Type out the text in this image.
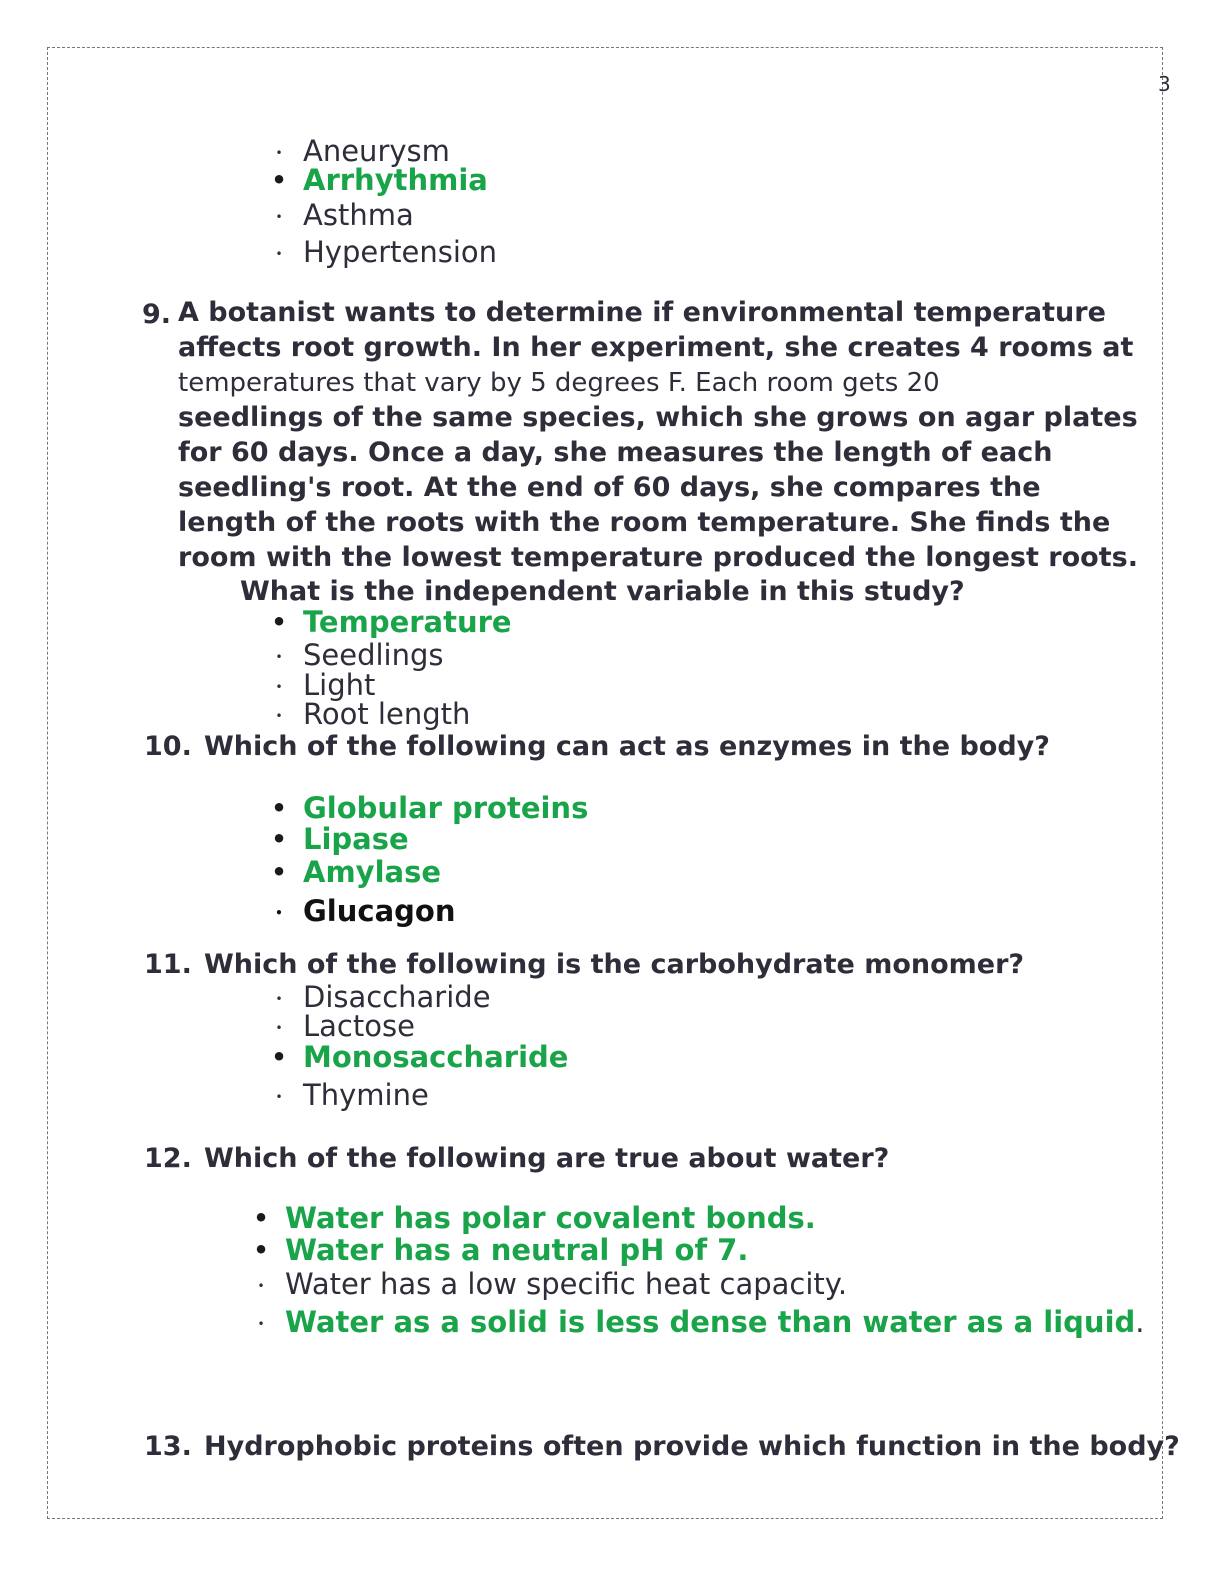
3
• Aneurysm
• Arrhythmia
• Asthma
• Hypertension
9. A botanist wants to determine if environmental temperature
affects root growth. In her experiment, she creates 4 rooms at
temperatures that vary by 5 degrees F. Each room gets 20
seedlings of the same species, which she grows on agar plates
for 60 days. Once a day, she measures the length of each
seedling's root. At the end of 60 days, she compares the
length of the roots with the room temperature. She finds the
room with the lowest temperature produced the longest roots.
What is the independent variable in this study?
• Temperature
• Seedlings
• Light
• Root length
10. Which of the following can act as enzymes in the body?
• Globular proteins
• Lipase
• Amylase
• Glucagon
11. Which of the following is the carbohydrate monomer?
• Disaccharide
• Lactose
• Monosaccharide
• Thymine
12. Which of the following are true about water?
• Water has polar covalent bonds.
• Water has a neutral pH of 7.
• Water has a low specific heat capacity.
• Water as a solid is less dense than water as a liquid.
13. Hydrophobic proteins often provide which function in the body?
